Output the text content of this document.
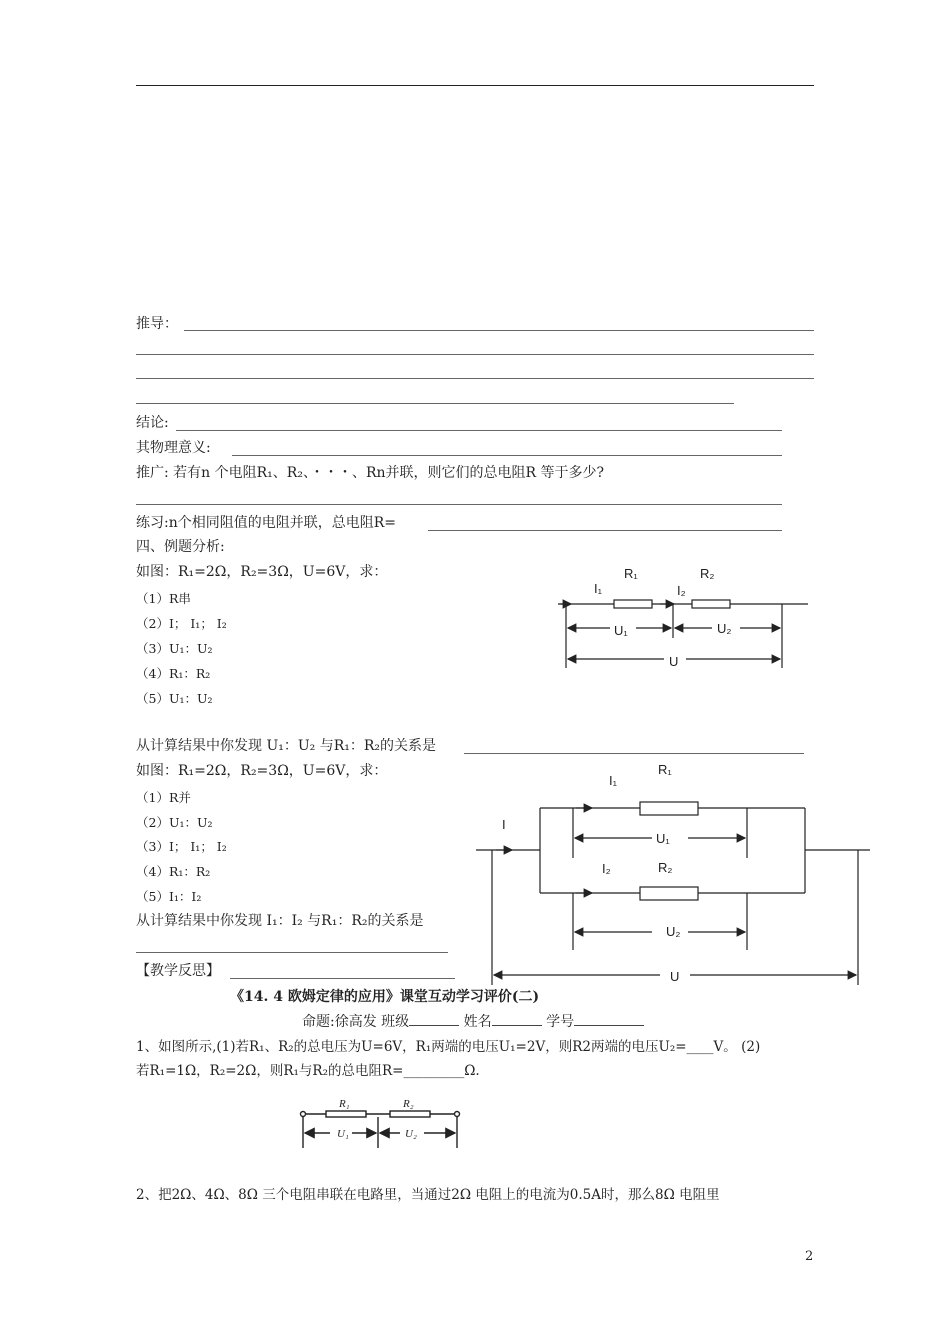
推导：
结论:
其物理意义:
推广: 若有n 个电阻R₁、R₂、・・・、Rn并联，则它们的总电阻R 等于多少?
练习:n个相同阻值的电阻并联，总电阻R=
四、例题分析:
如图：R₁=2Ω，R₂=3Ω，U=6V，求：
（1）R串
（2）I； I₁； I₂
（3）U₁：U₂
（4）R₁：R₂
（5）U₁：U₂
R₁	R₂
I₁	I₂
U₁	U₂
U
I
R₁
I₁
U₁
I₂	R₂
U₂
U
R₁	R₂
U₁	U₂
从计算结果中你发现 U₁：U₂ 与R₁：R₂的关系是
如图：R₁=2Ω，R₂=3Ω，U=6V，求：
（1）R并
（2）U₁：U₂
（3）I； I₁； I₂
（4）R₁：R₂
（5）I₁：I₂
从计算结果中你发现 I₁：I₂ 与R₁：R₂的关系是
【教学反思】
《14. 4 欧姆定律的应用》课堂互动学习评价(二)
命题:徐高发 班级	姓名	学号
1、如图所示,(1)若R₁、R₂的总电压为U=6V，R₁两端的电压U₁=2V，则R2两端的电压U₂=____V。 (2)
若R₁=1Ω，R₂=2Ω，则R₁与R₂的总电阻R=_________Ω.
2、把2Ω、4Ω、8Ω 三个电阻串联在电路里，当通过2Ω 电阻上的电流为0.5A时，那么8Ω 电阻里
2
